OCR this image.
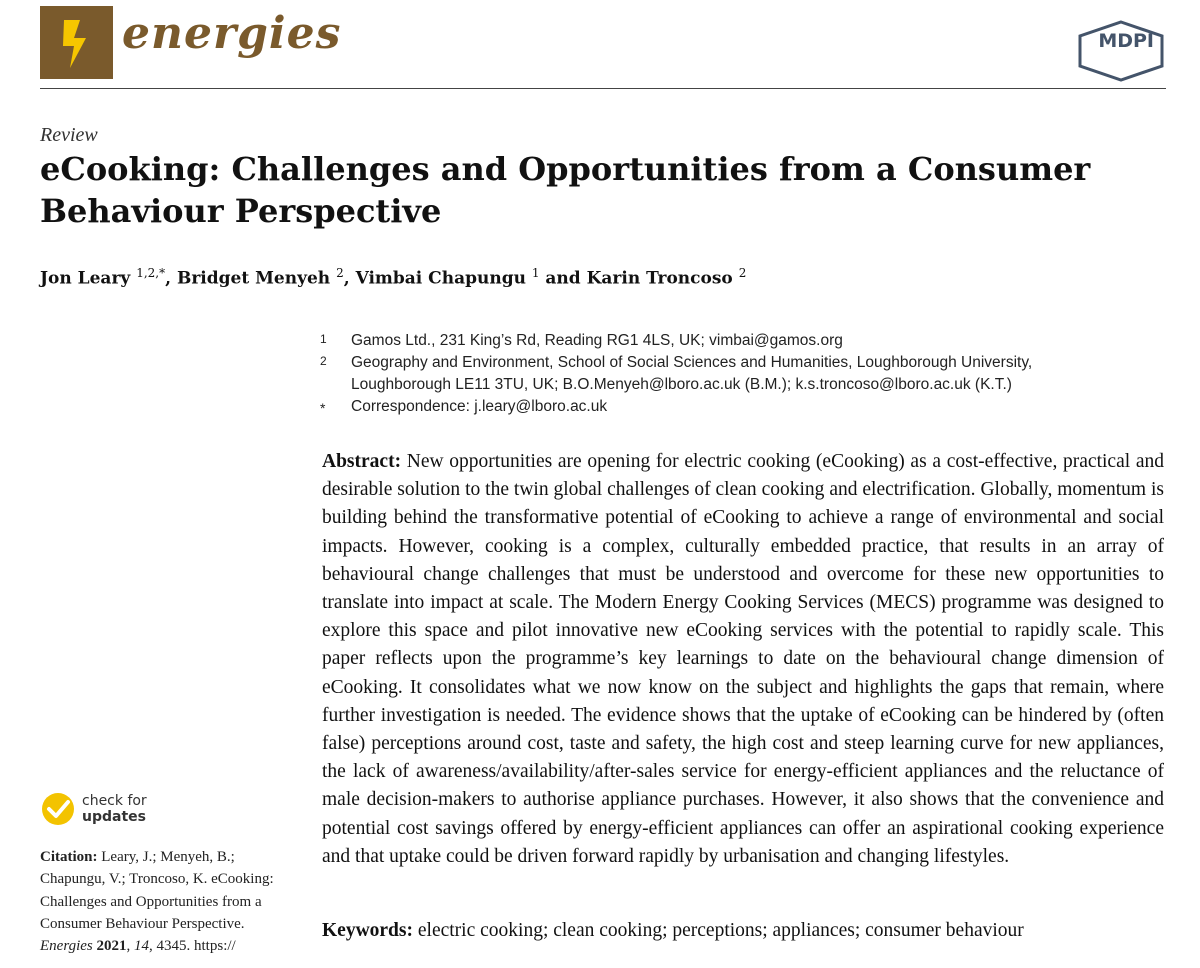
energies	MDPI
Review
eCooking: Challenges and Opportunities from a Consumer
Behaviour Perspective
Jon Leary $^{1,2,*}$, Bridget Menyeh $^2$, Vimbai Chapungu $^1$ and Karin Troncoso $^2$
1 Gamos Ltd., 231 King’s Rd, Reading RG1 4LS, UK; vimbai@gamos.org
2 Geography and Environment, School of Social Sciences and Humanities, Loughborough University,
Loughborough LE11 3TU, UK; B.O.Menyeh@lboro.ac.uk (B.M.); k.s.troncoso@lboro.ac.uk (K.T.)
* Correspondence: j.leary@lboro.ac.uk
Abstract: New opportunities are opening for electric cooking (eCooking) as a cost-effective, practical and desirable solution to the twin global challenges of clean cooking and electrification. Globally, momentum is building behind the transformative potential of eCooking to achieve a range of environmental and social impacts. However, cooking is a complex, culturally embedded practice, that results in an array of behavioural change challenges that must be understood and overcome for these new opportunities to translate into impact at scale. The Modern Energy Cooking Services (MECS) programme was designed to explore this space and pilot innovative new eCooking services with the potential to rapidly scale. This paper reflects upon the programme’s key learnings to date on the behavioural change dimension of eCooking. It consolidates what we now know on the subject and highlights the gaps that remain, where further investigation is needed. The evidence shows that the uptake of eCooking can be hindered by (often false) perceptions around cost, taste and safety, the high cost and steep learning curve for new appliances, the lack of awareness/availability/after-sales service for energy-efficient appliances and the reluctance of male decision-makers to authorise appliance purchases. However, it also shows that the convenience and potential cost savings offered by energy-efficient appliances can offer an aspirational cooking experience and that uptake could be driven forward rapidly by urbanisation and changing lifestyles.
Keywords: electric cooking; clean cooking; perceptions; appliances; consumer behaviour
check for
updates
Citation: Leary, J.; Menyeh, B.; Chapungu, V.; Troncoso, K. eCooking: Challenges and Opportunities from a Consumer Behaviour Perspective. Energies 2021, 14, 4345. https://
